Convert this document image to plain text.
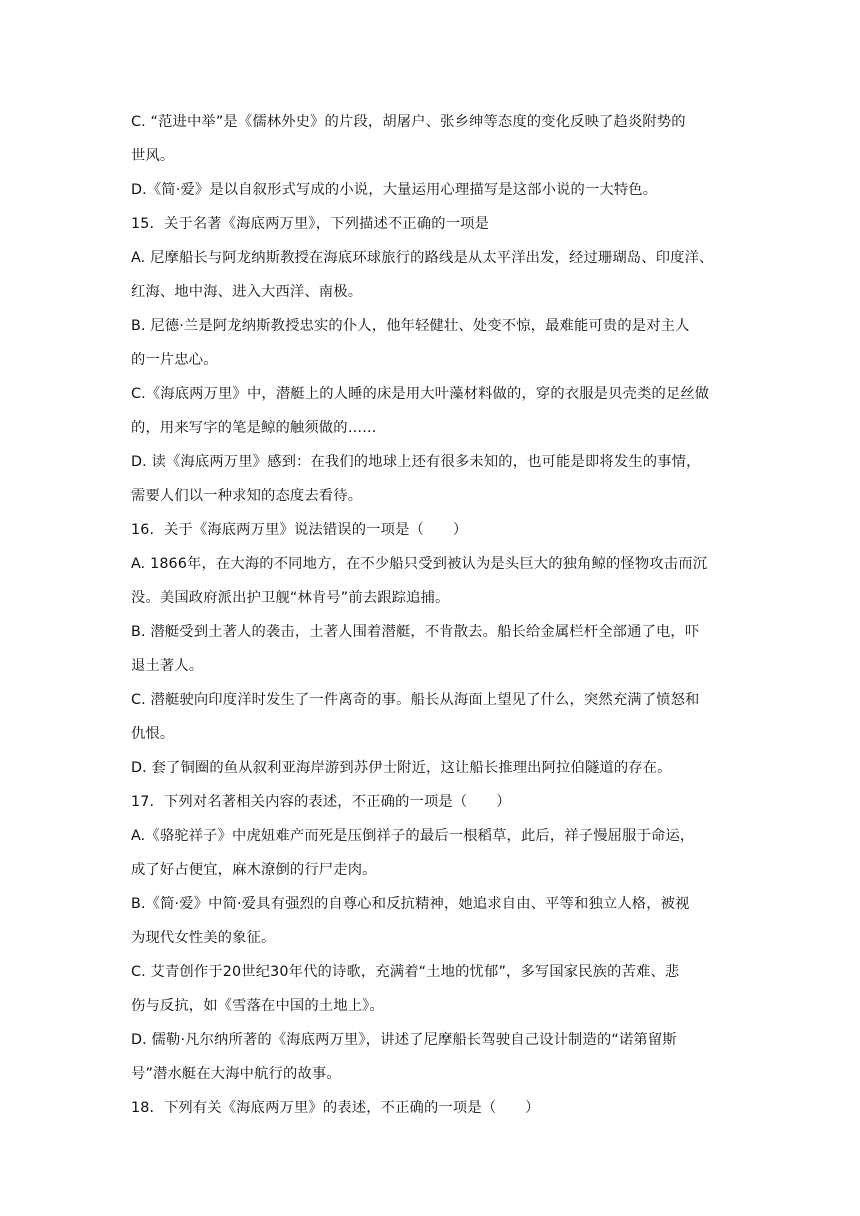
C. “范进中举”是《儒林外史》的片段，胡屠户、张乡绅等态度的变化反映了趋炎附势的
世风。
D.《简·爱》是以自叙形式写成的小说，大量运用心理描写是这部小说的一大特色。
15．关于名著《海底两万里》，下列描述不正确的一项是
A. 尼摩船长与阿龙纳斯教授在海底环球旅行的路线是从太平洋出发，经过珊瑚岛、印度洋、
红海、地中海、进入大西洋、南极。
B. 尼德·兰是阿龙纳斯教授忠实的仆人，他年轻健壮、处变不惊，最难能可贵的是对主人
的一片忠心。
C.《海底两万里》中，潜艇上的人睡的床是用大叶藻材料做的，穿的衣服是贝壳类的足丝做
的，用来写字的笔是鲸的触须做的……
D. 读《海底两万里》感到：在我们的地球上还有很多未知的，也可能是即将发生的事情，
需要人们以一种求知的态度去看待。
16．关于《海底两万里》说法错误的一项是（　　）
A. 1866年，在大海的不同地方，在不少船只受到被认为是头巨大的独角鲸的怪物攻击而沉
没。美国政府派出护卫舰“林肯号”前去跟踪追捕。
B. 潜艇受到土著人的袭击，土著人围着潜艇，不肯散去。船长给金属栏杆全部通了电，吓
退土著人。
C. 潜艇驶向印度洋时发生了一件离奇的事。船长从海面上望见了什么，突然充满了愤怒和
仇恨。
D. 套了铜圈的鱼从叙利亚海岸游到苏伊士附近，这让船长推理出阿拉伯隧道的存在。
17．下列对名著相关内容的表述，不正确的一项是（　　）
A.《骆驼祥子》中虎妞难产而死是压倒祥子的最后一根稻草，此后，祥子慢屈服于命运，
成了好占便宜，麻木潦倒的行尸走肉。
B.《简·爱》中简·爱具有强烈的自尊心和反抗精神，她追求自由、平等和独立人格，被视
为现代女性美的象征。
C. 艾青创作于20世纪30年代的诗歌，充满着“土地的忧郁”，多写国家民族的苦难、悲
伤与反抗，如《雪落在中国的土地上》。
D. 儒勒·凡尔纳所著的《海底两万里》，讲述了尼摩船长驾驶自己设计制造的“诺第留斯
号”潜水艇在大海中航行的故事。
18．下列有关《海底两万里》的表述，不正确的一项是（　　）
